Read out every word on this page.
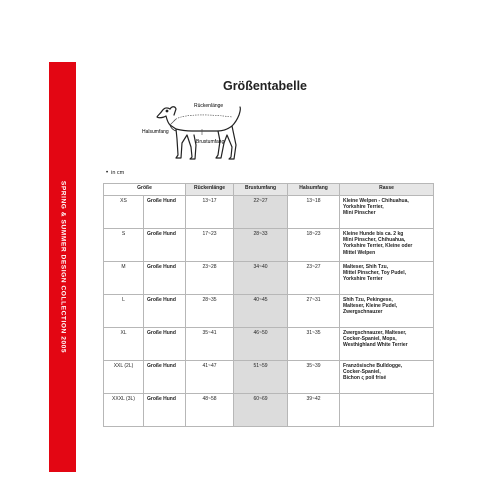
SPRING & SUMMER DESIGN COLLECTION 2005
Größentabelle
Rückenlänge
Halsumfang
Brustumfang
• in cm
Größe		Rückenlänge	Brustumfang	Halsumfang	Rasse
XS	Große Hund	13~17	22~27	13~18	Kleine Welpen - Chihuahua,
Yorkshire Terrier,
Mini Pinscher

S	Große Hund	17~23	28~33	18~23	Kleine Hunde bis ca. 2 kg
Mini Pinscher, Chihuahua,
Yorkshire Terrier, Kleine oder
Mittel Welpen

M	Große Hund	23~28	34~40	23~27	Malteser, Shih Tzu,
Mittel Pinscher, Toy Pudel,
Yorkshire Terrier

L	Große Hund	28~35	40~45	27~31	Shih Tzu, Pekingese,
Malteser, Kleine Pudel,
Zwergschnauzer

XL	Große Hund	35~41	46~50	31~35	Zwergschnauzer, Malteser,
Cocker-Spaniel, Mops,
Westhighland White Terrier

XXL (2L)	Große Hund	41~47	51~59	35~39	Französische Bulldogge,
Cocker-Spaniel,
Bichon ς poil frisé

XXXL (3L)	Große Hund	48~58	60~69	39~42	
